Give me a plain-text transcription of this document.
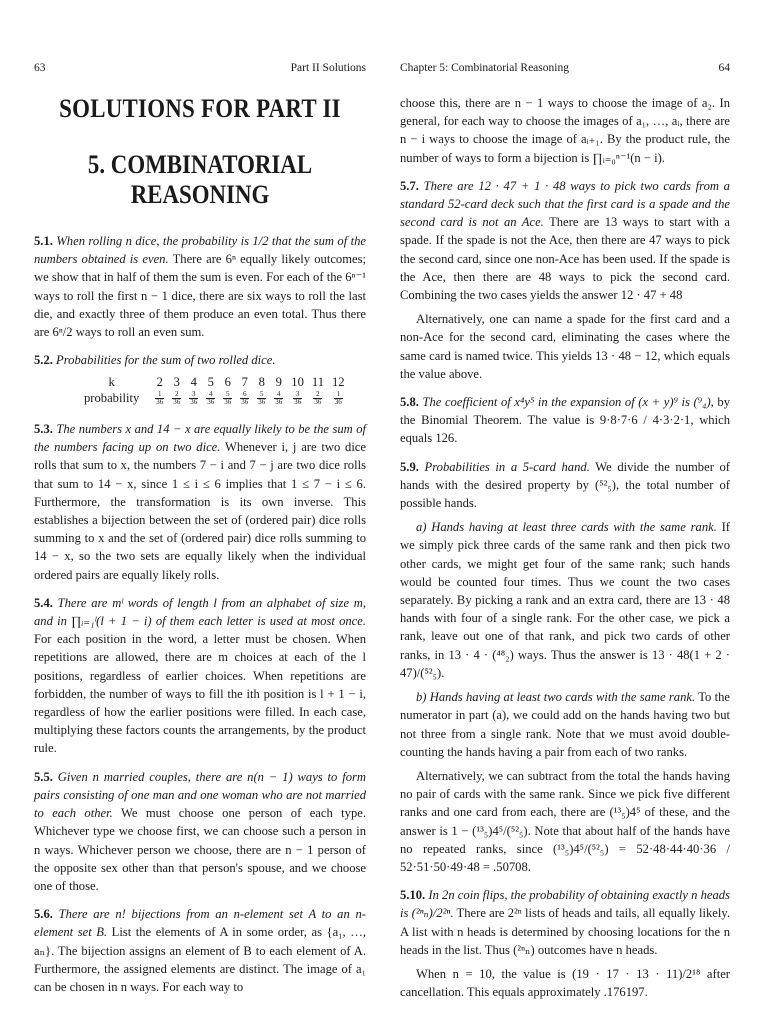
63	Part II Solutions
SOLUTIONS FOR PART II
5. COMBINATORIAL REASONING

5.1. When rolling n dice, the probability is 1/2 that the sum of the numbers obtained is even. There are 6ⁿ equally likely outcomes; we show that in half of them the sum is even. For each of the 6ⁿ⁻¹ ways to roll the first n − 1 dice, there are six ways to roll the last die, and exactly three of them produce an even total. Thus there are 6ⁿ/2 ways to roll an even sum.

5.2. Probabilities for the sum of two rolled dice.

k	2	3	4	5	6	7	8	9	10	11	12
probability	$\frac{1}{36}$	$\frac{2}{36}$	$\frac{3}{36}$	$\frac{4}{36}$	$\frac{5}{36}$	$\frac{6}{36}$	$\frac{5}{36}$	$\frac{4}{36}$	$\frac{3}{36}$	$\frac{2}{36}$	$\frac{1}{36}$

5.3. The numbers x and 14 − x are equally likely to be the sum of the numbers facing up on two dice. Whenever i, j are two dice rolls that sum to x, the numbers 7 − i and 7 − j are two dice rolls that sum to 14 − x, since 1 ≤ i ≤ 6 implies that 1 ≤ 7 − i ≤ 6. Furthermore, the transformation is its own inverse. This establishes a bijection between the set of (ordered pair) dice rolls summing to x and the set of (ordered pair) dice rolls summing to 14 − x, so the two sets are equally likely when the individual ordered pairs are equally likely rolls.

5.4. There are mˡ words of length l from an alphabet of size m, and in ∏ᵢ₌₁ˡ(l + 1 − i) of them each letter is used at most once. For each position in the word, a letter must be chosen. When repetitions are allowed, there are m choices at each of the l positions, regardless of earlier choices. When repetitions are forbidden, the number of ways to fill the ith position is l + 1 − i, regardless of how the earlier positions were filled. In each case, multiplying these factors counts the arrangements, by the product rule.

5.5. Given n married couples, there are n(n − 1) ways to form pairs consisting of one man and one woman who are not married to each other. We must choose one person of each type. Whichever type we choose first, we can choose such a person in n ways. Whichever person we choose, there are n − 1 person of the opposite sex other than that person's spouse, and we choose one of those.

5.6. There are n! bijections from an n-element set A to an n-element set B. List the elements of A in some order, as {a₁, …, aₙ}. The bijection assigns an element of B to each element of A. Furthermore, the assigned elements are distinct. The image of a₁ can be chosen in n ways. For each way to

Chapter 5: Combinatorial Reasoning	64

choose this, there are n − 1 ways to choose the image of a₂. In general, for each way to choose the images of a₁, …, aᵢ, there are n − i ways to choose the image of aᵢ₊₁. By the product rule, the number of ways to form a bijection is ∏ᵢ₌₀ⁿ⁻¹(n − i).

5.7. There are 12 · 47 + 1 · 48 ways to pick two cards from a standard 52-card deck such that the first card is a spade and the second card is not an Ace. There are 13 ways to start with a spade. If the spade is not the Ace, then there are 47 ways to pick the second card, since one non-Ace has been used. If the spade is the Ace, then there are 48 ways to pick the second card. Combining the two cases yields the answer 12 · 47 + 48

Alternatively, one can name a spade for the first card and a non-Ace for the second card, eliminating the cases where the same card is named twice. This yields 13 · 48 − 12, which equals the value above.

5.8. The coefficient of x⁴y⁵ in the expansion of (x + y)⁹ is (⁹₄), by the Binomial Theorem. The value is 9·8·7·6 / 4·3·2·1, which equals 126.

5.9. Probabilities in a 5-card hand. We divide the number of hands with the desired property by (⁵²₅), the total number of possible hands.

a) Hands having at least three cards with the same rank. If we simply pick three cards of the same rank and then pick two other cards, we might get four of the same rank; such hands would be counted four times. Thus we count the two cases separately. By picking a rank and an extra card, there are 13 · 48 hands with four of a single rank. For the other case, we pick a rank, leave out one of that rank, and pick two cards of other ranks, in 13 · 4 · (⁴⁸₂) ways. Thus the answer is 13 · 48(1 + 2 · 47)/(⁵²₅).

b) Hands having at least two cards with the same rank. To the numerator in part (a), we could add on the hands having two but not three from a single rank. Note that we must avoid double-counting the hands having a pair from each of two ranks.

Alternatively, we can subtract from the total the hands having no pair of cards with the same rank. Since we pick five different ranks and one card from each, there are (¹³₅)4⁵ of these, and the answer is 1 − (¹³₅)4⁵/(⁵²₅). Note that about half of the hands have no repeated ranks, since (¹³₅)4⁵/(⁵²₅) = 52·48·44·40·36 / 52·51·50·49·48 = .50708.

5.10. In 2n coin flips, the probability of obtaining exactly n heads is (²ⁿₙ)/2²ⁿ. There are 2²ⁿ lists of heads and tails, all equally likely. A list with n heads is determined by choosing locations for the n heads in the list. Thus (²ⁿₙ) outcomes have n heads.

When n = 10, the value is (19 · 17 · 13 · 11)/2¹⁸ after cancellation. This equals approximately .176197.
